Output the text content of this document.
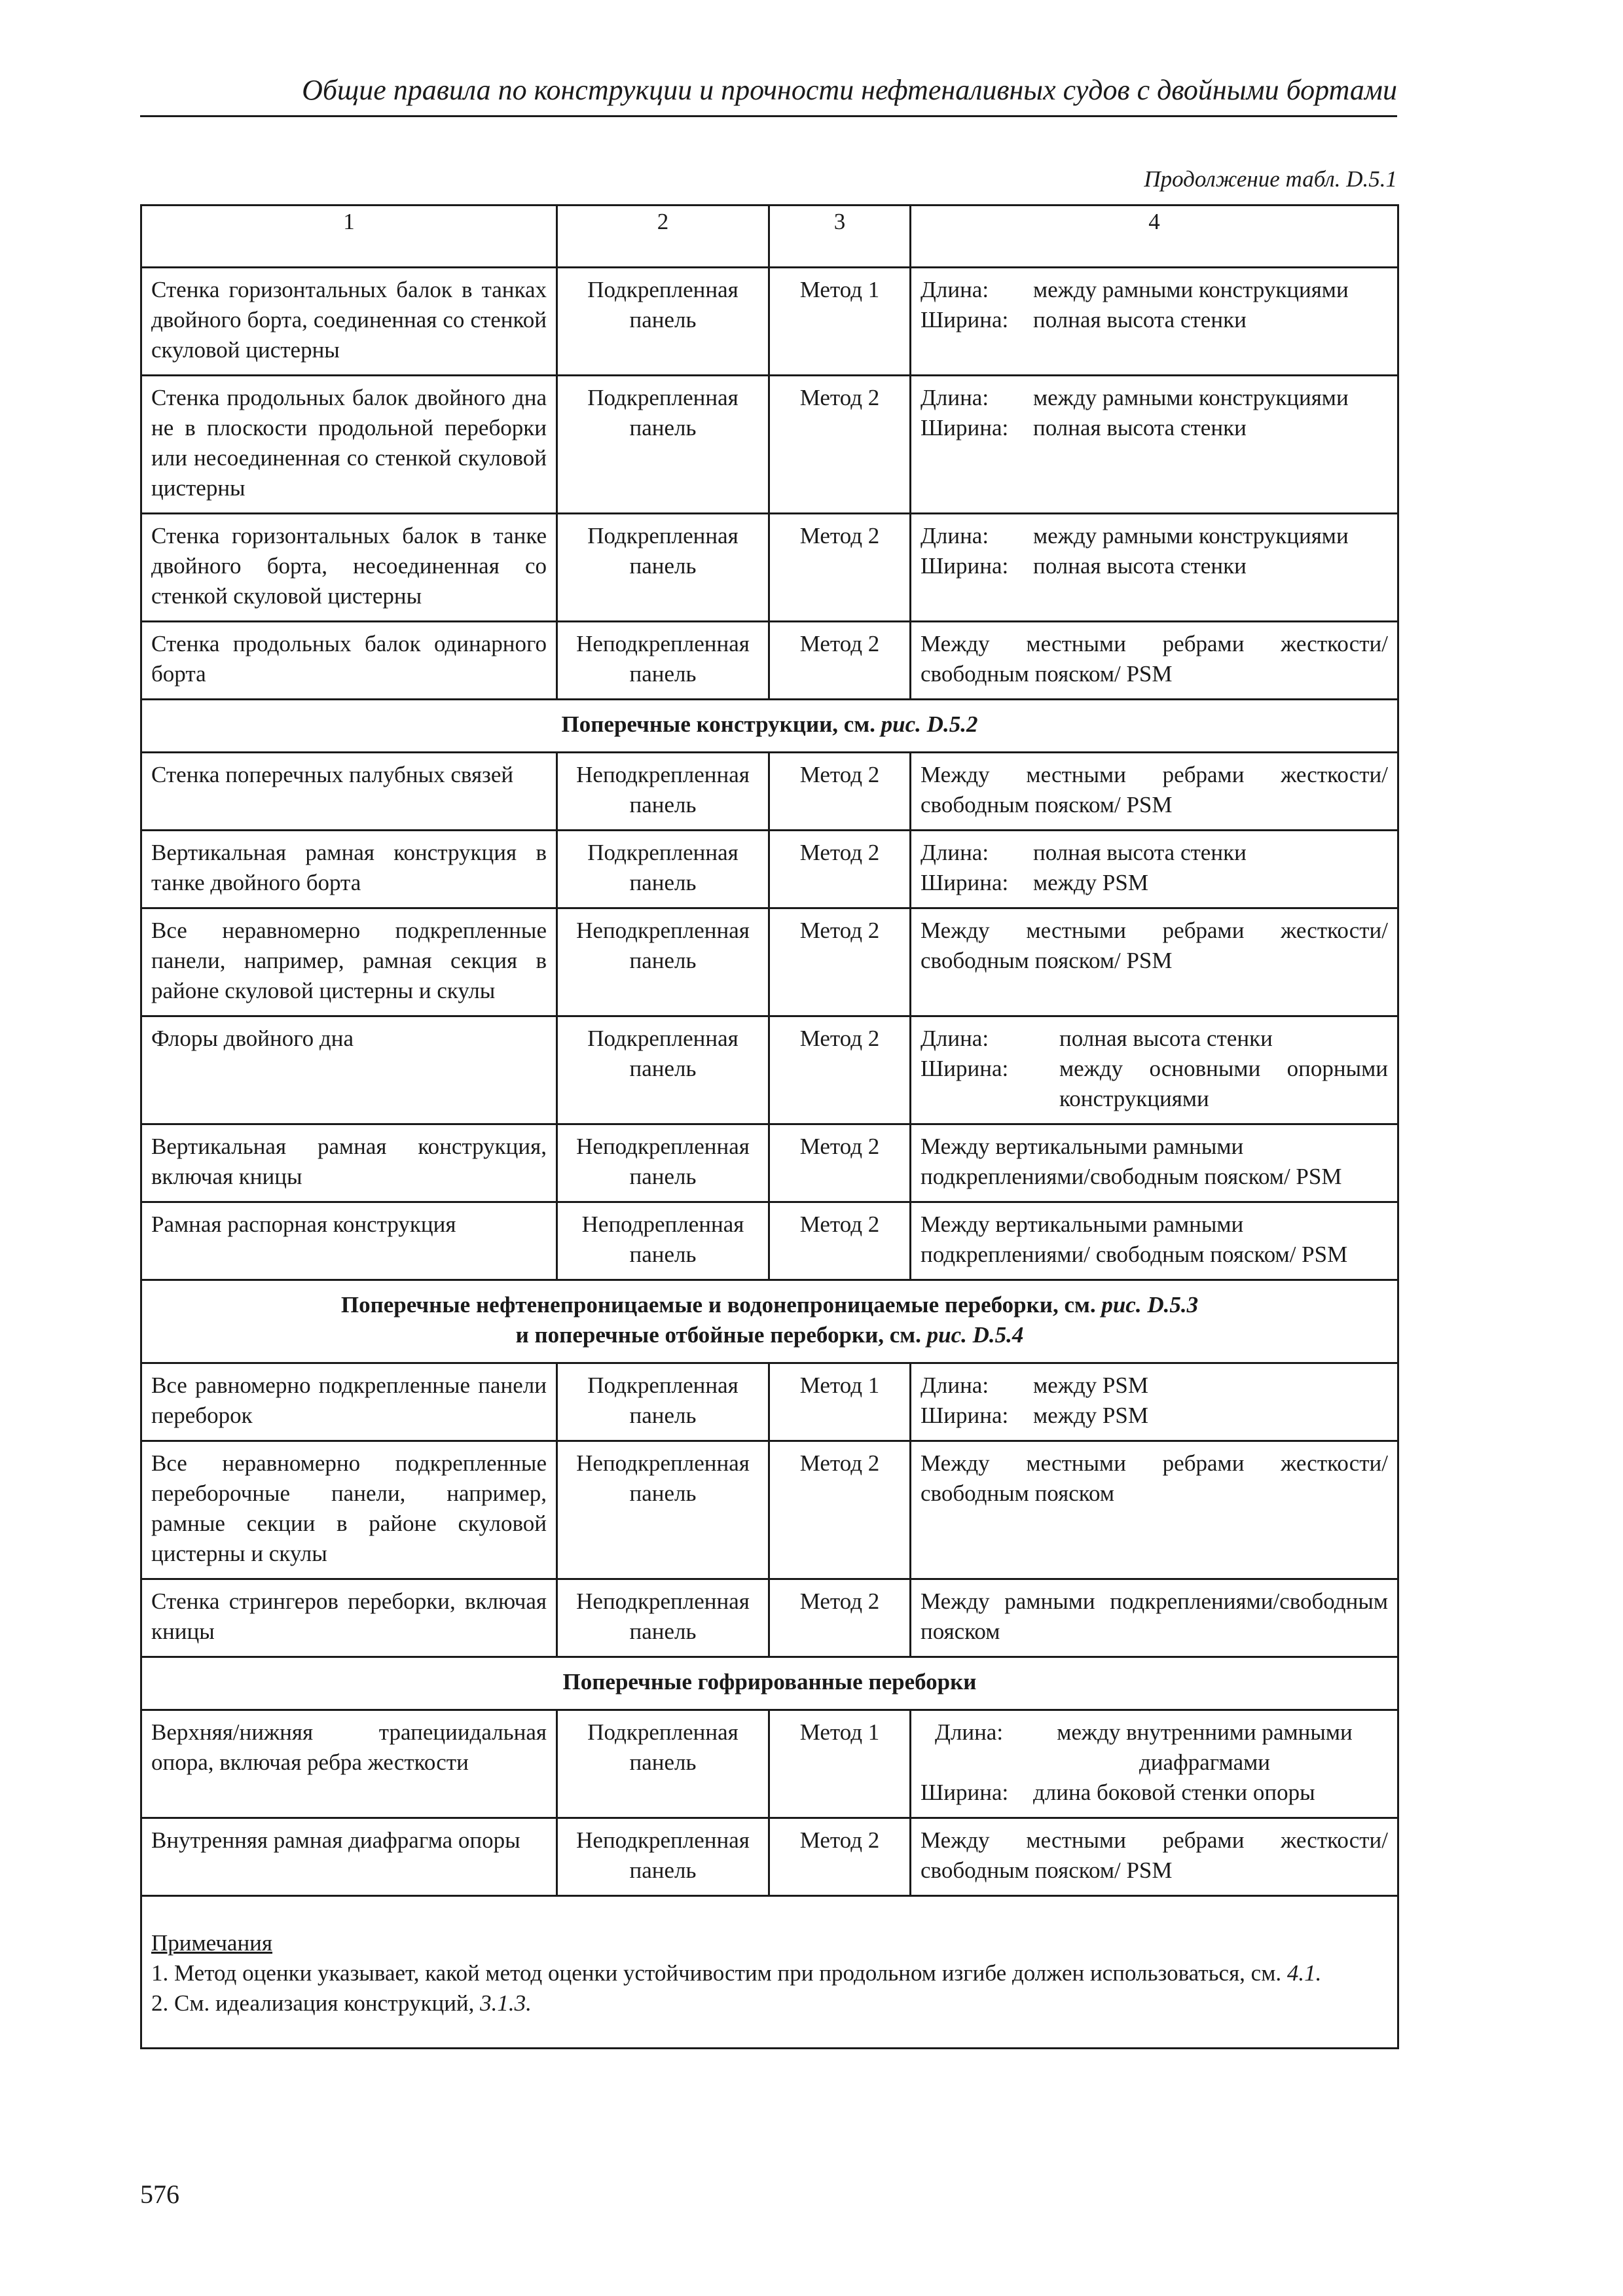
Общие правила по конструкции и прочности нефтеналивных судов с двойными бортами
Продолжение табл. D.5.1
1	2	3	4
Стенка горизонтальных балок в танках двойного борта, соединенная со стенкой скуловой цистерны	Подкрепленная панель	Метод 1	Длина: между рамными конструкциями
Ширина: полная высота стенки

Стенка продольных балок двойного дна не в плоскости продольной переборки или несоединенная со стенкой скуловой цистерны	Подкрепленная панель	Метод 2	Длина: между рамными конструкциями
Ширина: полная высота стенки

Стенка горизонтальных балок в танке двойного борта, несоединенная со стенкой скуловой цистерны	Подкрепленная панель	Метод 2	Длина: между рамными конструкциями
Ширина: полная высота стенки

Стенка продольных балок одинарного борта	Неподкрепленная панель	Метод 2	Между местными ребрами жесткости/свободным пояском/ PSM
Поперечные конструкции, см. рис. D.5.2			
Стенка поперечных палубных связей	Неподкрепленная панель	Метод 2	Между местными ребрами жесткости/свободным пояском/ PSM
Вертикальная рамная конструкция в танке двойного борта	Подкрепленная панель	Метод 2	Длина: полная высота стенки
Ширина: между PSM

Все неравномерно подкрепленные панели, например, рамная секция в районе скуловой цистерны и скулы	Неподкрепленная панель	Метод 2	Между местными ребрами жесткости/свободным пояском/ PSM
Флоры двойного дна	Подкрепленная панель	Метод 2	Длина: полная высота стенки
Ширина: между основными опорными конструкциями

Вертикальная рамная конструкция, включая кницы	Неподкрепленная панель	Метод 2	Между вертикальными рамными подкреплениями/свободным пояском/ PSM
Рамная распорная конструкция	Неподрепленная панель	Метод 2	Между вертикальными рамными подкреплениями/ свободным пояском/ PSM
Поперечные нефтенепроницаемые и водонепроницаемые переборки, см. рис. D.5.3
и поперечные отбойные переборки, см. рис. D.5.4			
Все равномерно подкрепленные панели переборок	Подкрепленная панель	Метод 1	Длина: между PSM
Ширина: между PSM

Все неравномерно подкрепленные переборочные панели, например, рамные секции в районе скуловой цистерны и скулы	Неподкрепленная панель	Метод 2	Между местными ребрами жесткости/свободным пояском
Стенка стрингеров переборки, включая кницы	Неподкрепленная панель	Метод 2	Между рамными подкреплениями/свободным пояском
Поперечные гофрированные переборки			
Верхняя/нижняя трапециидальная опора, включая ребра жесткости	Подкрепленная панель	Метод 1	Длина: между внутренними рамными диафрагмами
Ширина: длина боковой стенки опоры

Внутренняя рамная диафрагма опоры	Неподкрепленная панель	Метод 2	Между местными ребрами жесткости/свободным пояском/ PSM

Примечания
1. Метод оценки указывает, какой метод оценки устойчивостим при продольном изгибе должен использоваться, см. 4.1.
2. См. идеализация конструкций, 3.1.3.			
576
